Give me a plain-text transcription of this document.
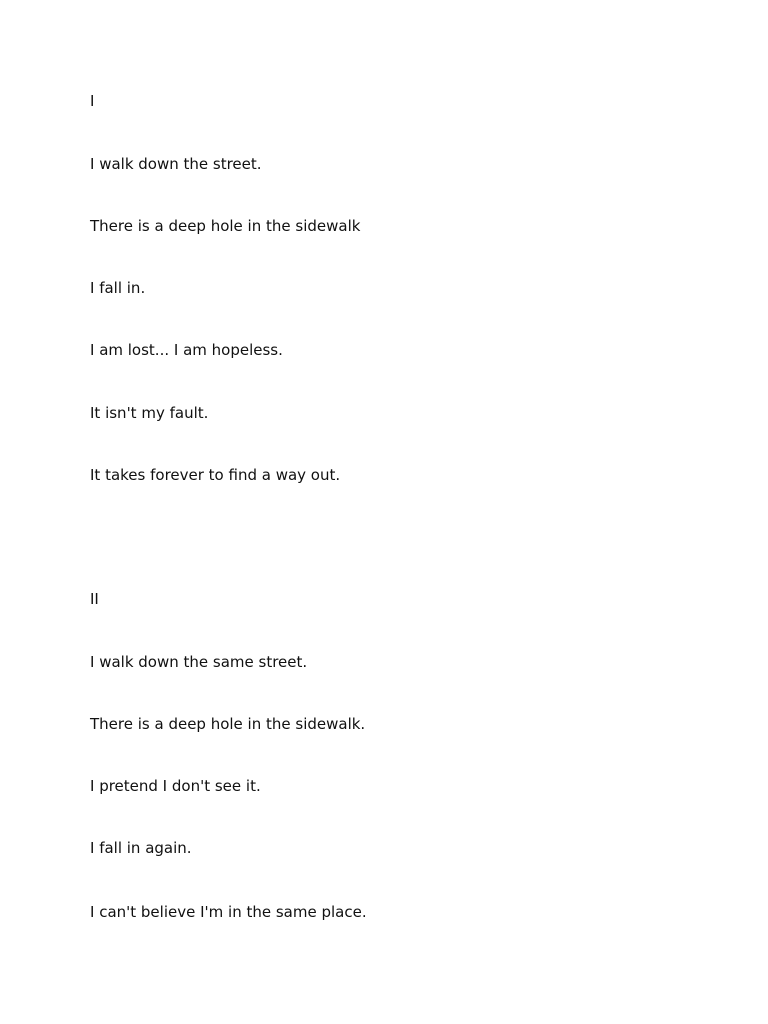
I
I walk down the street.
There is a deep hole in the sidewalk
I fall in.
I am lost... I am hopeless.
It isn't my fault.
It takes forever to find a way out.
II
I walk down the same street.
There is a deep hole in the sidewalk.
I pretend I don't see it.
I fall in again.
I can't believe I'm in the same place.
